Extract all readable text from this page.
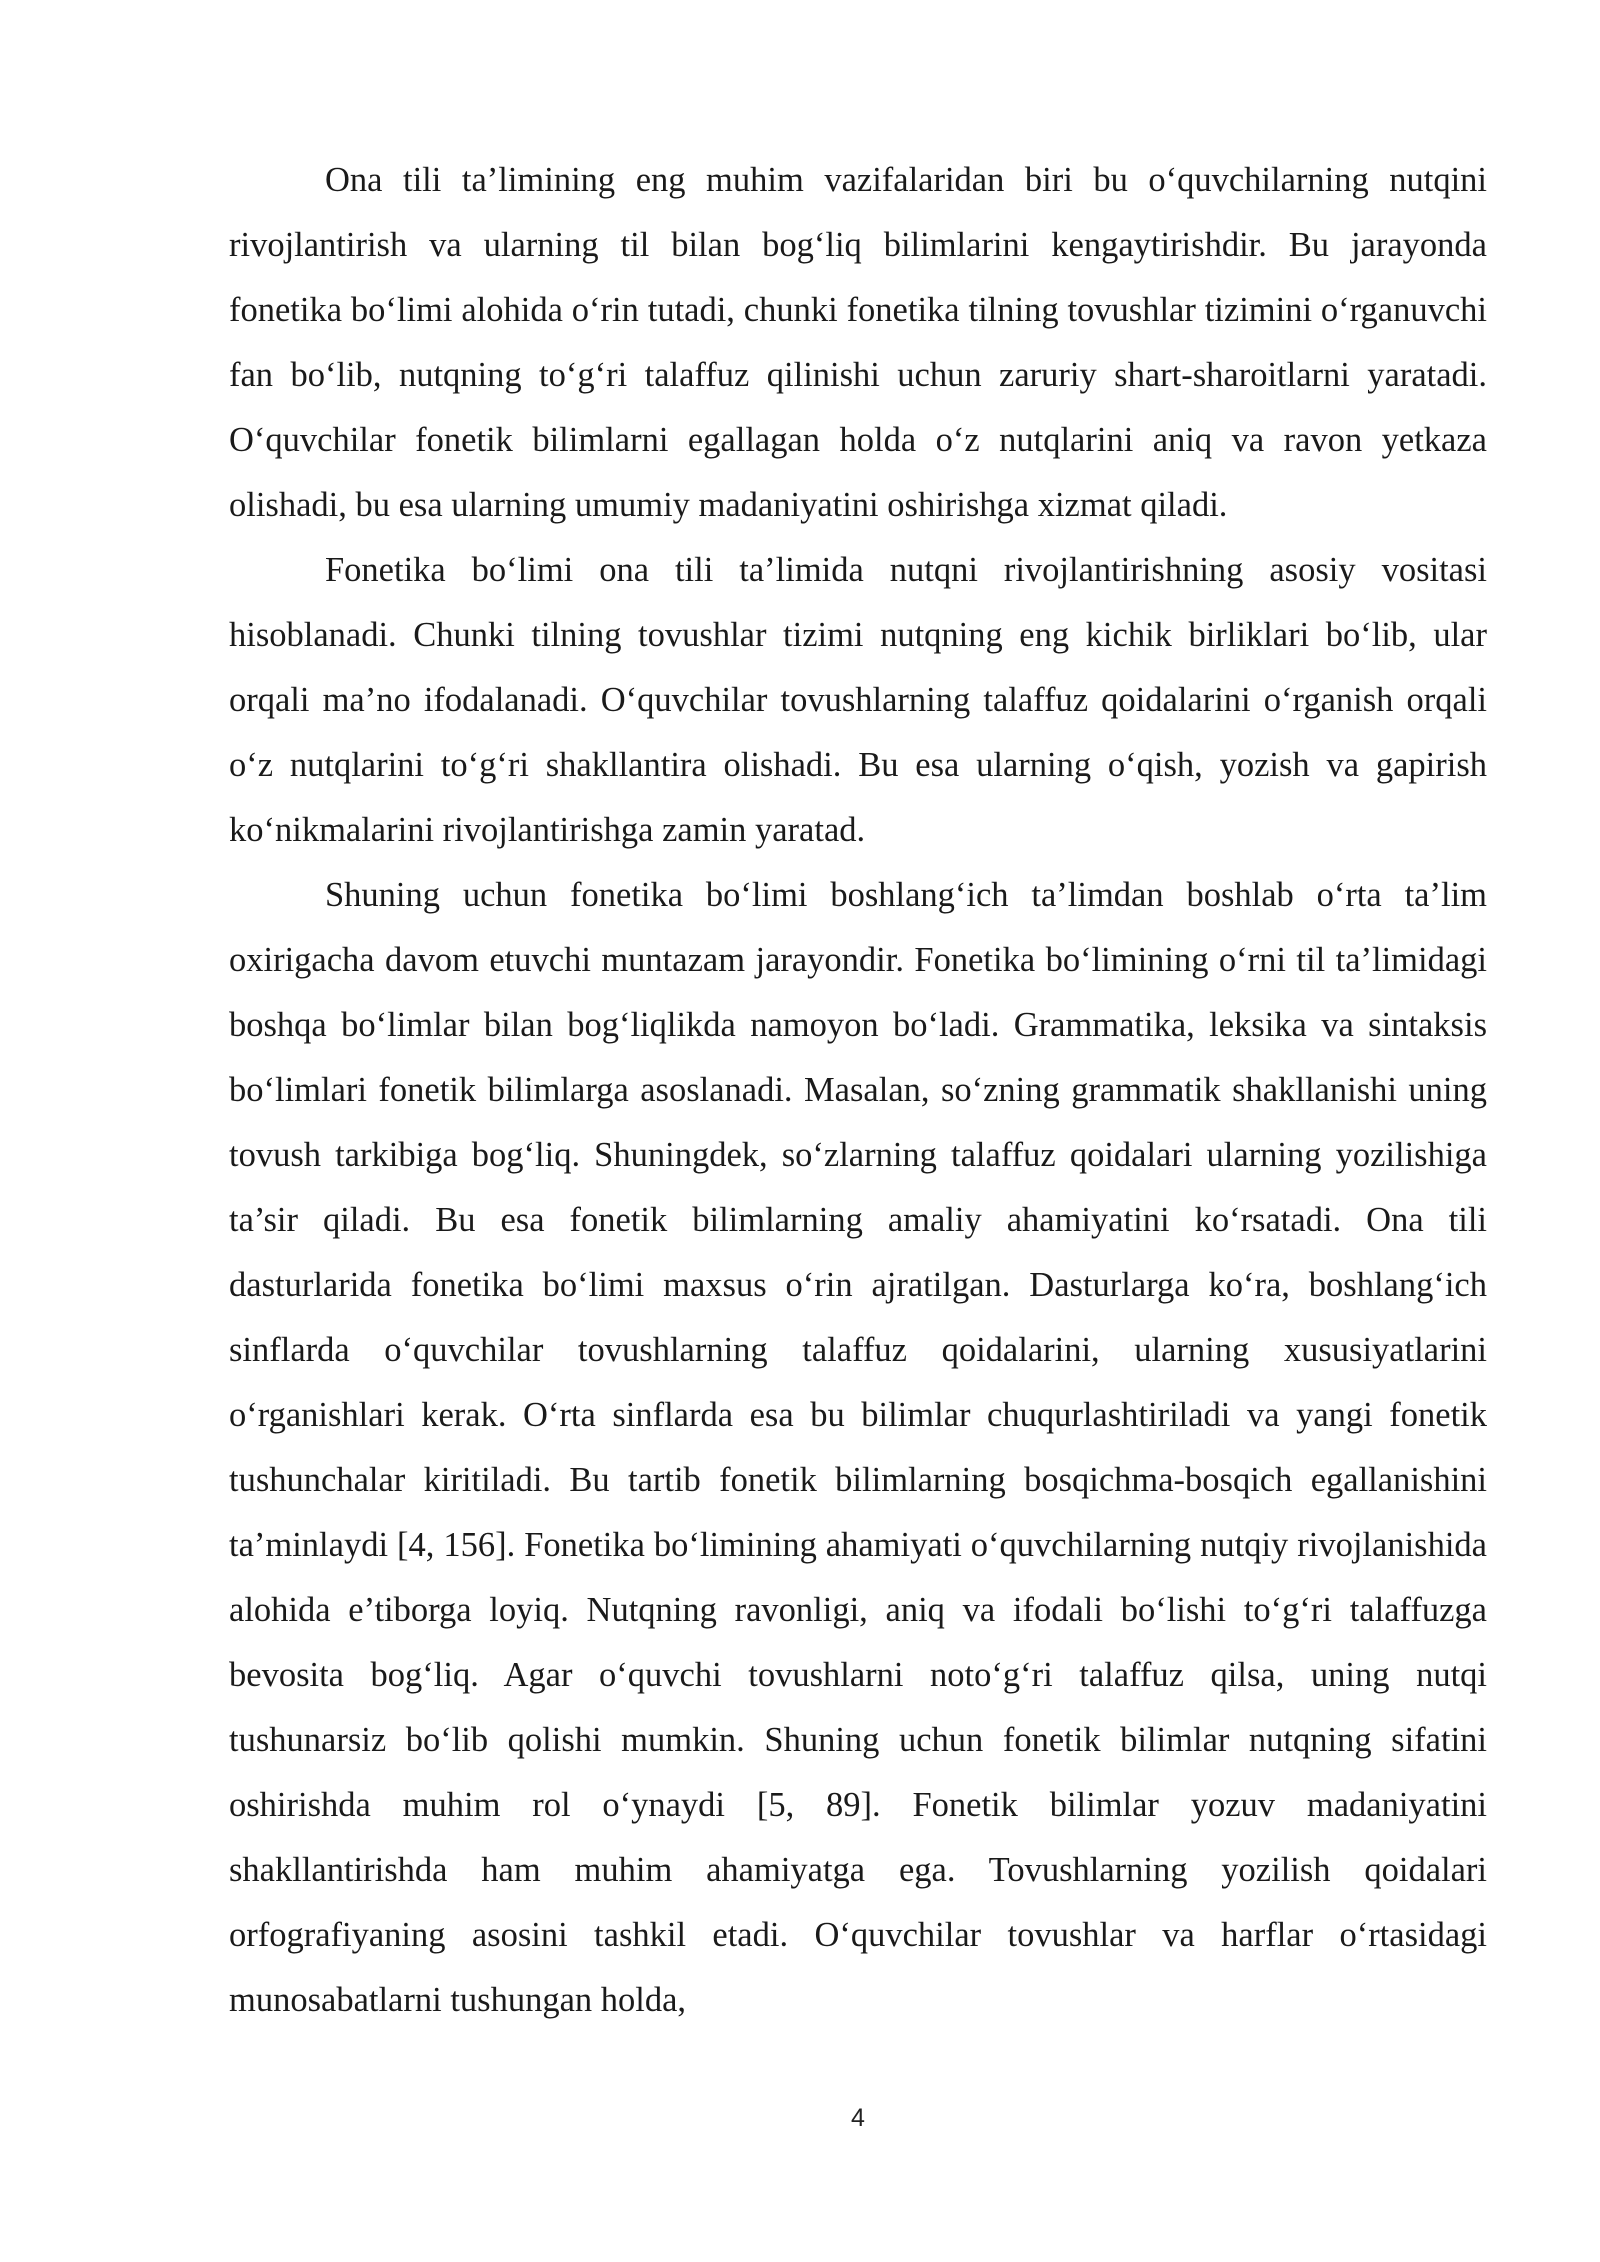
Ona tili ta’limining eng muhim vazifalaridan biri bu o‘quvchilarning nutqini rivojlantirish va ularning til bilan bog‘liq bilimlarini kengaytirishdir. Bu jarayonda fonetika bo‘limi alohida o‘rin tutadi, chunki fonetika tilning tovushlar tizimini o‘rganuvchi fan bo‘lib, nutqning to‘g‘ri talaffuz qilinishi uchun zaruriy shart-sharoitlarni yaratadi. O‘quvchilar fonetik bilimlarni egallagan holda o‘z nutqlarini aniq va ravon yetkaza olishadi, bu esa ularning umumiy madaniyatini oshirishga xizmat qiladi.

Fonetika bo‘limi ona tili ta’limida nutqni rivojlantirishning asosiy vositasi hisoblanadi. Chunki tilning tovushlar tizimi nutqning eng kichik birliklari bo‘lib, ular orqali ma’no ifodalanadi. O‘quvchilar tovushlarning talaffuz qoidalarini o‘rganish orqali o‘z nutqlarini to‘g‘ri shakllantira olishadi. Bu esa ularning o‘qish, yozish va gapirish ko‘nikmalarini rivojlantirishga zamin yaratad.

Shuning uchun fonetika bo‘limi boshlang‘ich ta’limdan boshlab o‘rta ta’lim oxirigacha davom etuvchi muntazam jarayondir. Fonetika bo‘limining o‘rni til ta’limidagi boshqa bo‘limlar bilan bog‘liqlikda namoyon bo‘ladi. Grammatika, leksika va sintaksis bo‘limlari fonetik bilimlarga asoslanadi. Masalan, so‘zning grammatik shakllanishi uning tovush tarkibiga bog‘liq. Shuningdek, so‘zlarning talaffuz qoidalari ularning yozilishiga ta’sir qiladi. Bu esa fonetik bilimlarning amaliy ahamiyatini ko‘rsatadi. Ona tili dasturlarida fonetika bo‘limi maxsus o‘rin ajratilgan. Dasturlarga ko‘ra, boshlang‘ich sinflarda o‘quvchilar tovushlarning talaffuz qoidalarini, ularning xususiyatlarini o‘rganishlari kerak. O‘rta sinflarda esa bu bilimlar chuqurlashtiriladi va yangi fonetik tushunchalar kiritiladi. Bu tartib fonetik bilimlarning bosqichma-bosqich egallanishini ta’minlaydi [4, 156]. Fonetika bo‘limining ahamiyati o‘quvchilarning nutqiy rivojlanishida alohida e’tiborga loyiq. Nutqning ravonligi, aniq va ifodali bo‘lishi to‘g‘ri talaffuzga bevosita bog‘liq. Agar o‘quvchi tovushlarni noto‘g‘ri talaffuz qilsa, uning nutqi tushunarsiz bo‘lib qolishi mumkin. Shuning uchun fonetik bilimlar nutqning sifatini oshirishda muhim rol o‘ynaydi [5, 89]. Fonetik bilimlar yozuv madaniyatini shakllantirishda ham muhim ahamiyatga ega. Tovushlarning yozilish qoidalari orfografiyaning asosini tashkil etadi. O‘quvchilar tovushlar va harflar o‘rtasidagi munosabatlarni tushungan holda,

4
